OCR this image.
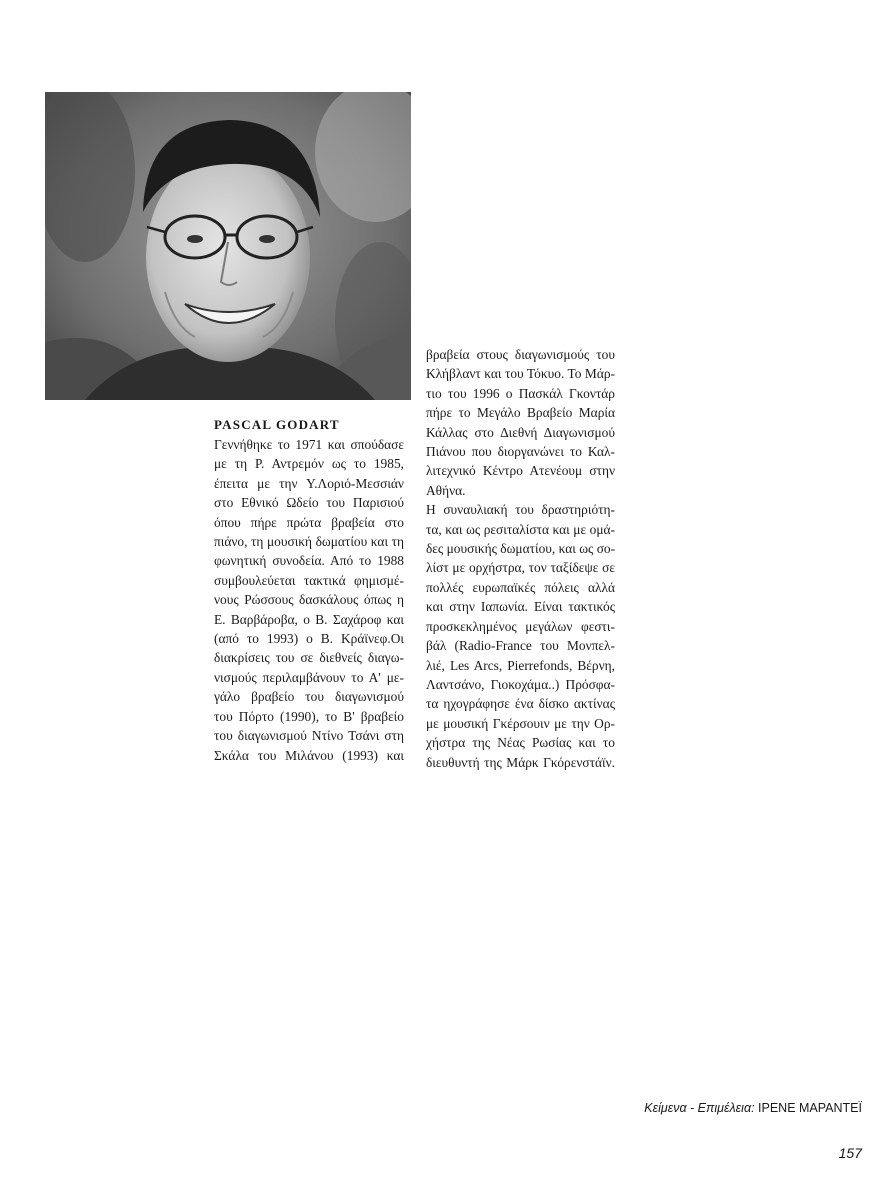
PASCAL GODART
Γεννήθηκε το 1971 και σπούδασε
με τη Ρ. Αντρεμόν ως το 1985,
έπειτα με την Υ.Λοριό-Μεσσιάν
στο Εθνικό Ωδείο του Παρισιού
όπου πήρε πρώτα βραβεία στο
πιάνο, τη μουσική δωματίου και τη
φωνητική συνοδεία. Από το 1988
συμβουλεύεται τακτικά φημισμέ-
νους Ρώσσους δασκάλους όπως η
Ε. Βαρβάροβα, ο Β. Σαχάροφ και
(από το 1993) ο Β. Κράϊνεφ.Οι
διακρίσεις του σε διεθνείς διαγω-
νισμούς περιλαμβάνουν το Α' με-
γάλο βραβείο του διαγωνισμού
του Πόρτο (1990), το Β' βραβείο
του διαγωνισμού Ντίνο Τσάνι στη
Σκάλα του Μιλάνου (1993) και
βραβεία στους διαγωνισμούς του
Κλήβλαντ και του Τόκυο. Το Μάρ-
τιο του 1996 ο Πασκάλ Γκοντάρ
πήρε το Μεγάλο Βραβείο Μαρία
Κάλλας στο Διεθνή Διαγωνισμού
Πιάνου που διοργανώνει το Καλ-
λιτεχνικό Κέντρο Ατενέουμ στην
Αθήνα.
Η συναυλιακή του δραστηριότη-
τα, και ως ρεσιταλίστα και με ομά-
δες μουσικής δωματίου, και ως σο-
λίστ με ορχήστρα, τον ταξίδεψε σε
πολλές ευρωπαϊκές πόλεις αλλά
και στην Ιαπωνία. Είναι τακτικός
προσκεκλημένος μεγάλων φεστι-
βάλ (Radio-France του Μονπελ-
λιέ, Les Arcs, Pierrefonds, Βέρνη,
Λαντσάνο, Γιοκοχάμα..) Πρόσφα-
τα ηχογράφησε ένα δίσκο ακτίνας
με μουσική Γκέρσουιν με την Ορ-
χήστρα της Νέας Ρωσίας και το
διευθυντή της Μάρκ Γκόρενστάϊν.
Κείμενα - Επιμέλεια: ΙΡΕΝΕ ΜΑΡΑΝΤΕΪ
157
